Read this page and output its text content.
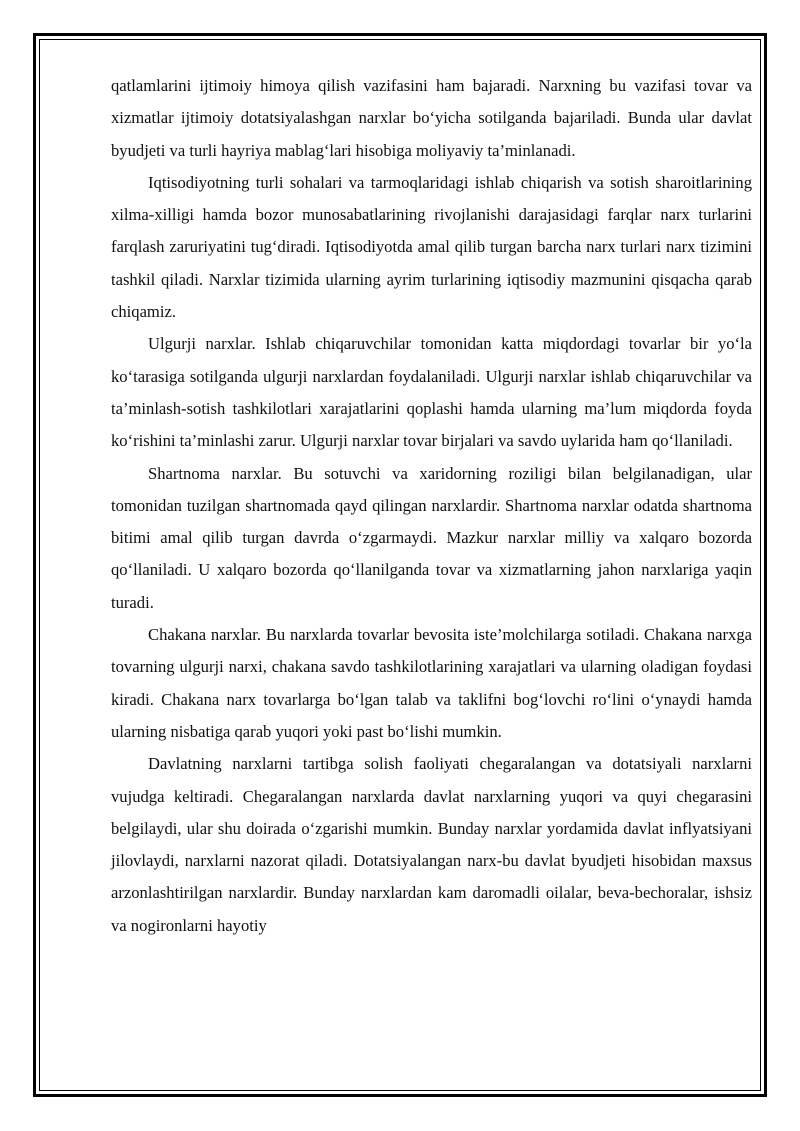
qatlamlarini ijtimoiy himoya qilish vazifasini ham bajaradi. Narxning bu vazifasi tovar va xizmatlar ijtimoiy dotatsiyalashgan narxlar bo‘yicha sotilganda bajariladi. Bunda ular davlat byudjeti va turli hayriya mablag‘lari hisobiga moliyaviy ta’minlanadi.

Iqtisodiyotning turli sohalari va tarmoqlaridagi ishlab chiqarish va sotish sharoitlarining xilma-xilligi hamda bozor munosabatlarining rivojlanishi darajasidagi farqlar narx turlarini farqlash zaruriyatini tug‘diradi. Iqtisodiyotda amal qilib turgan barcha narx turlari narx tizimini tashkil qiladi. Narxlar tizimida ularning ayrim turlarining iqtisodiy mazmunini qisqacha qarab chiqamiz.

Ulgurji narxlar. Ishlab chiqaruvchilar tomonidan katta miqdordagi tovarlar bir yo‘la ko‘tarasiga sotilganda ulgurji narxlardan foydalaniladi. Ulgurji narxlar ishlab chiqaruvchilar va ta’minlash-sotish tashkilotlari xarajatlarini qoplashi hamda ularning ma’lum miqdorda foyda ko‘rishini ta’minlashi zarur. Ulgurji narxlar tovar birjalari va savdo uylarida ham qo‘llaniladi.

Shartnoma narxlar. Bu sotuvchi va xaridorning roziligi bilan belgilanadigan, ular tomonidan tuzilgan shartnomada qayd qilingan narxlardir. Shartnoma narxlar odatda shartnoma bitimi amal qilib turgan davrda o‘zgarmaydi. Mazkur narxlar milliy va xalqaro bozorda qo‘llaniladi. U xalqaro bozorda qo‘llanilganda tovar va xizmatlarning jahon narxlariga yaqin turadi.

Chakana narxlar. Bu narxlarda tovarlar bevosita iste’molchilarga sotiladi. Chakana narxga tovarning ulgurji narxi, chakana savdo tashkilotlarining xarajatlari va ularning oladigan foydasi kiradi. Chakana narx tovarlarga bo‘lgan talab va taklifni bog‘lovchi ro‘lini o‘ynaydi hamda ularning nisbatiga qarab yuqori yoki past bo‘lishi mumkin.

Davlatning narxlarni tartibga solish faoliyati chegaralangan va dotatsiyali narxlarni vujudga keltiradi. Chegaralangan narxlarda davlat narxlarning yuqori va quyi chegarasini belgilaydi, ular shu doirada o‘zgarishi mumkin. Bunday narxlar yordamida davlat inflyatsiyani jilovlaydi, narxlarni nazorat qiladi. Dotatsiyalangan narx-bu davlat byudjeti hisobidan maxsus arzonlashtirilgan narxlardir. Bunday narxlardan kam daromadli oilalar, beva-bechoralar, ishsiz va nogironlarni hayotiy
